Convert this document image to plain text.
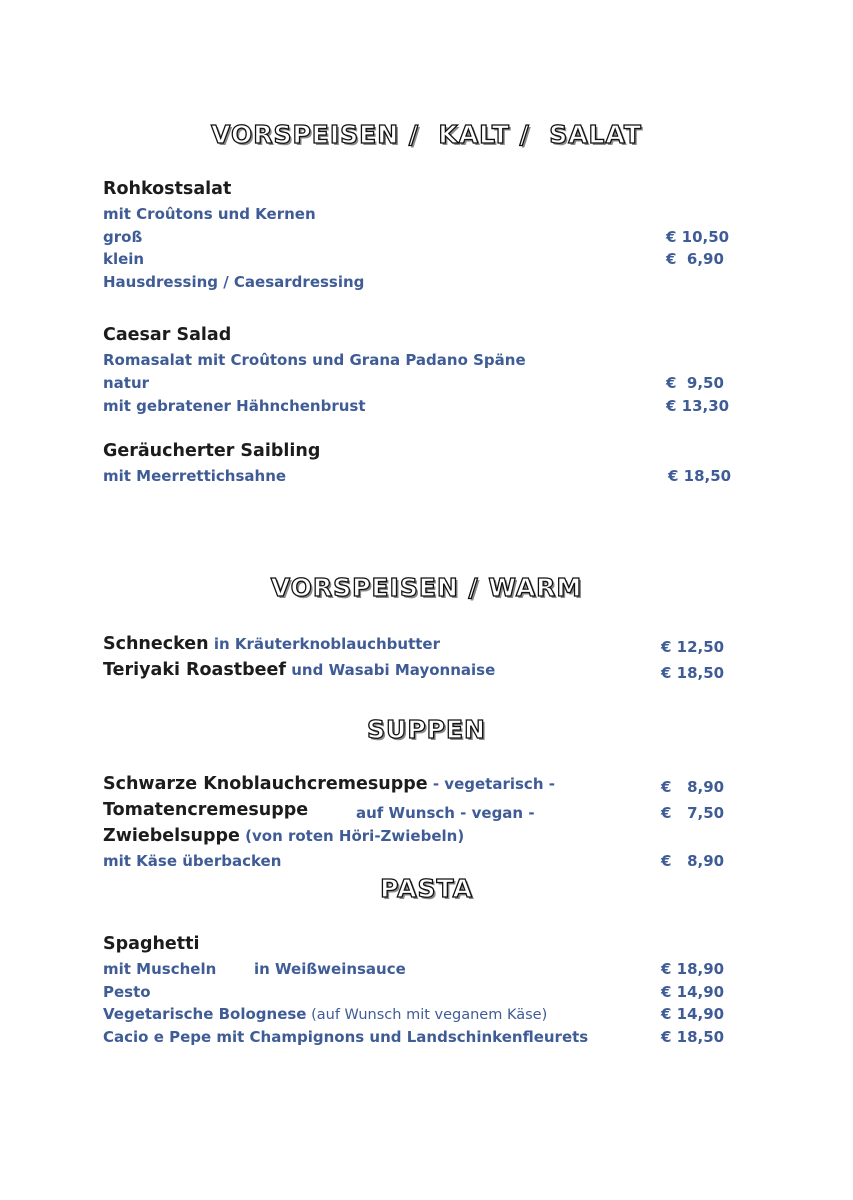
VORSPEISEN /  KALT /  SALAT
Rohkostsalat
mit Croûtons und Kernen
groß	€ 10,50
klein	€  6,90
Hausdressing / Caesardressing
Caesar Salad
Romasalat mit Croûtons und Grana Padano Späne
natur	€  9,50
mit gebratener Hähnchenbrust	€ 13,30
Geräucherter Saibling
mit Meerrettichsahne	€ 18,50
VORSPEISEN / WARM
Schnecken in Kräuterknoblauchbutter	€ 12,50
Teriyaki Roastbeef und Wasabi Mayonnaise	€ 18,50
SUPPEN
Schwarze Knoblauchcremesuppe - vegetarisch -	€   8,90
Tomatencremesuppe	auf Wunsch - vegan -	€   7,50
Zwiebelsuppe (von roten Höri-Zwiebeln)
mit Käse überbacken	€   8,90
PASTA
Spaghetti
mit Muscheln	in Weißweinsauce	€ 18,90
Pesto	€ 14,90
Vegetarische Bolognese (auf Wunsch mit veganem Käse)	€ 14,90
Cacio e Pepe mit Champignons und Landschinkenfleurets	€ 18,50
